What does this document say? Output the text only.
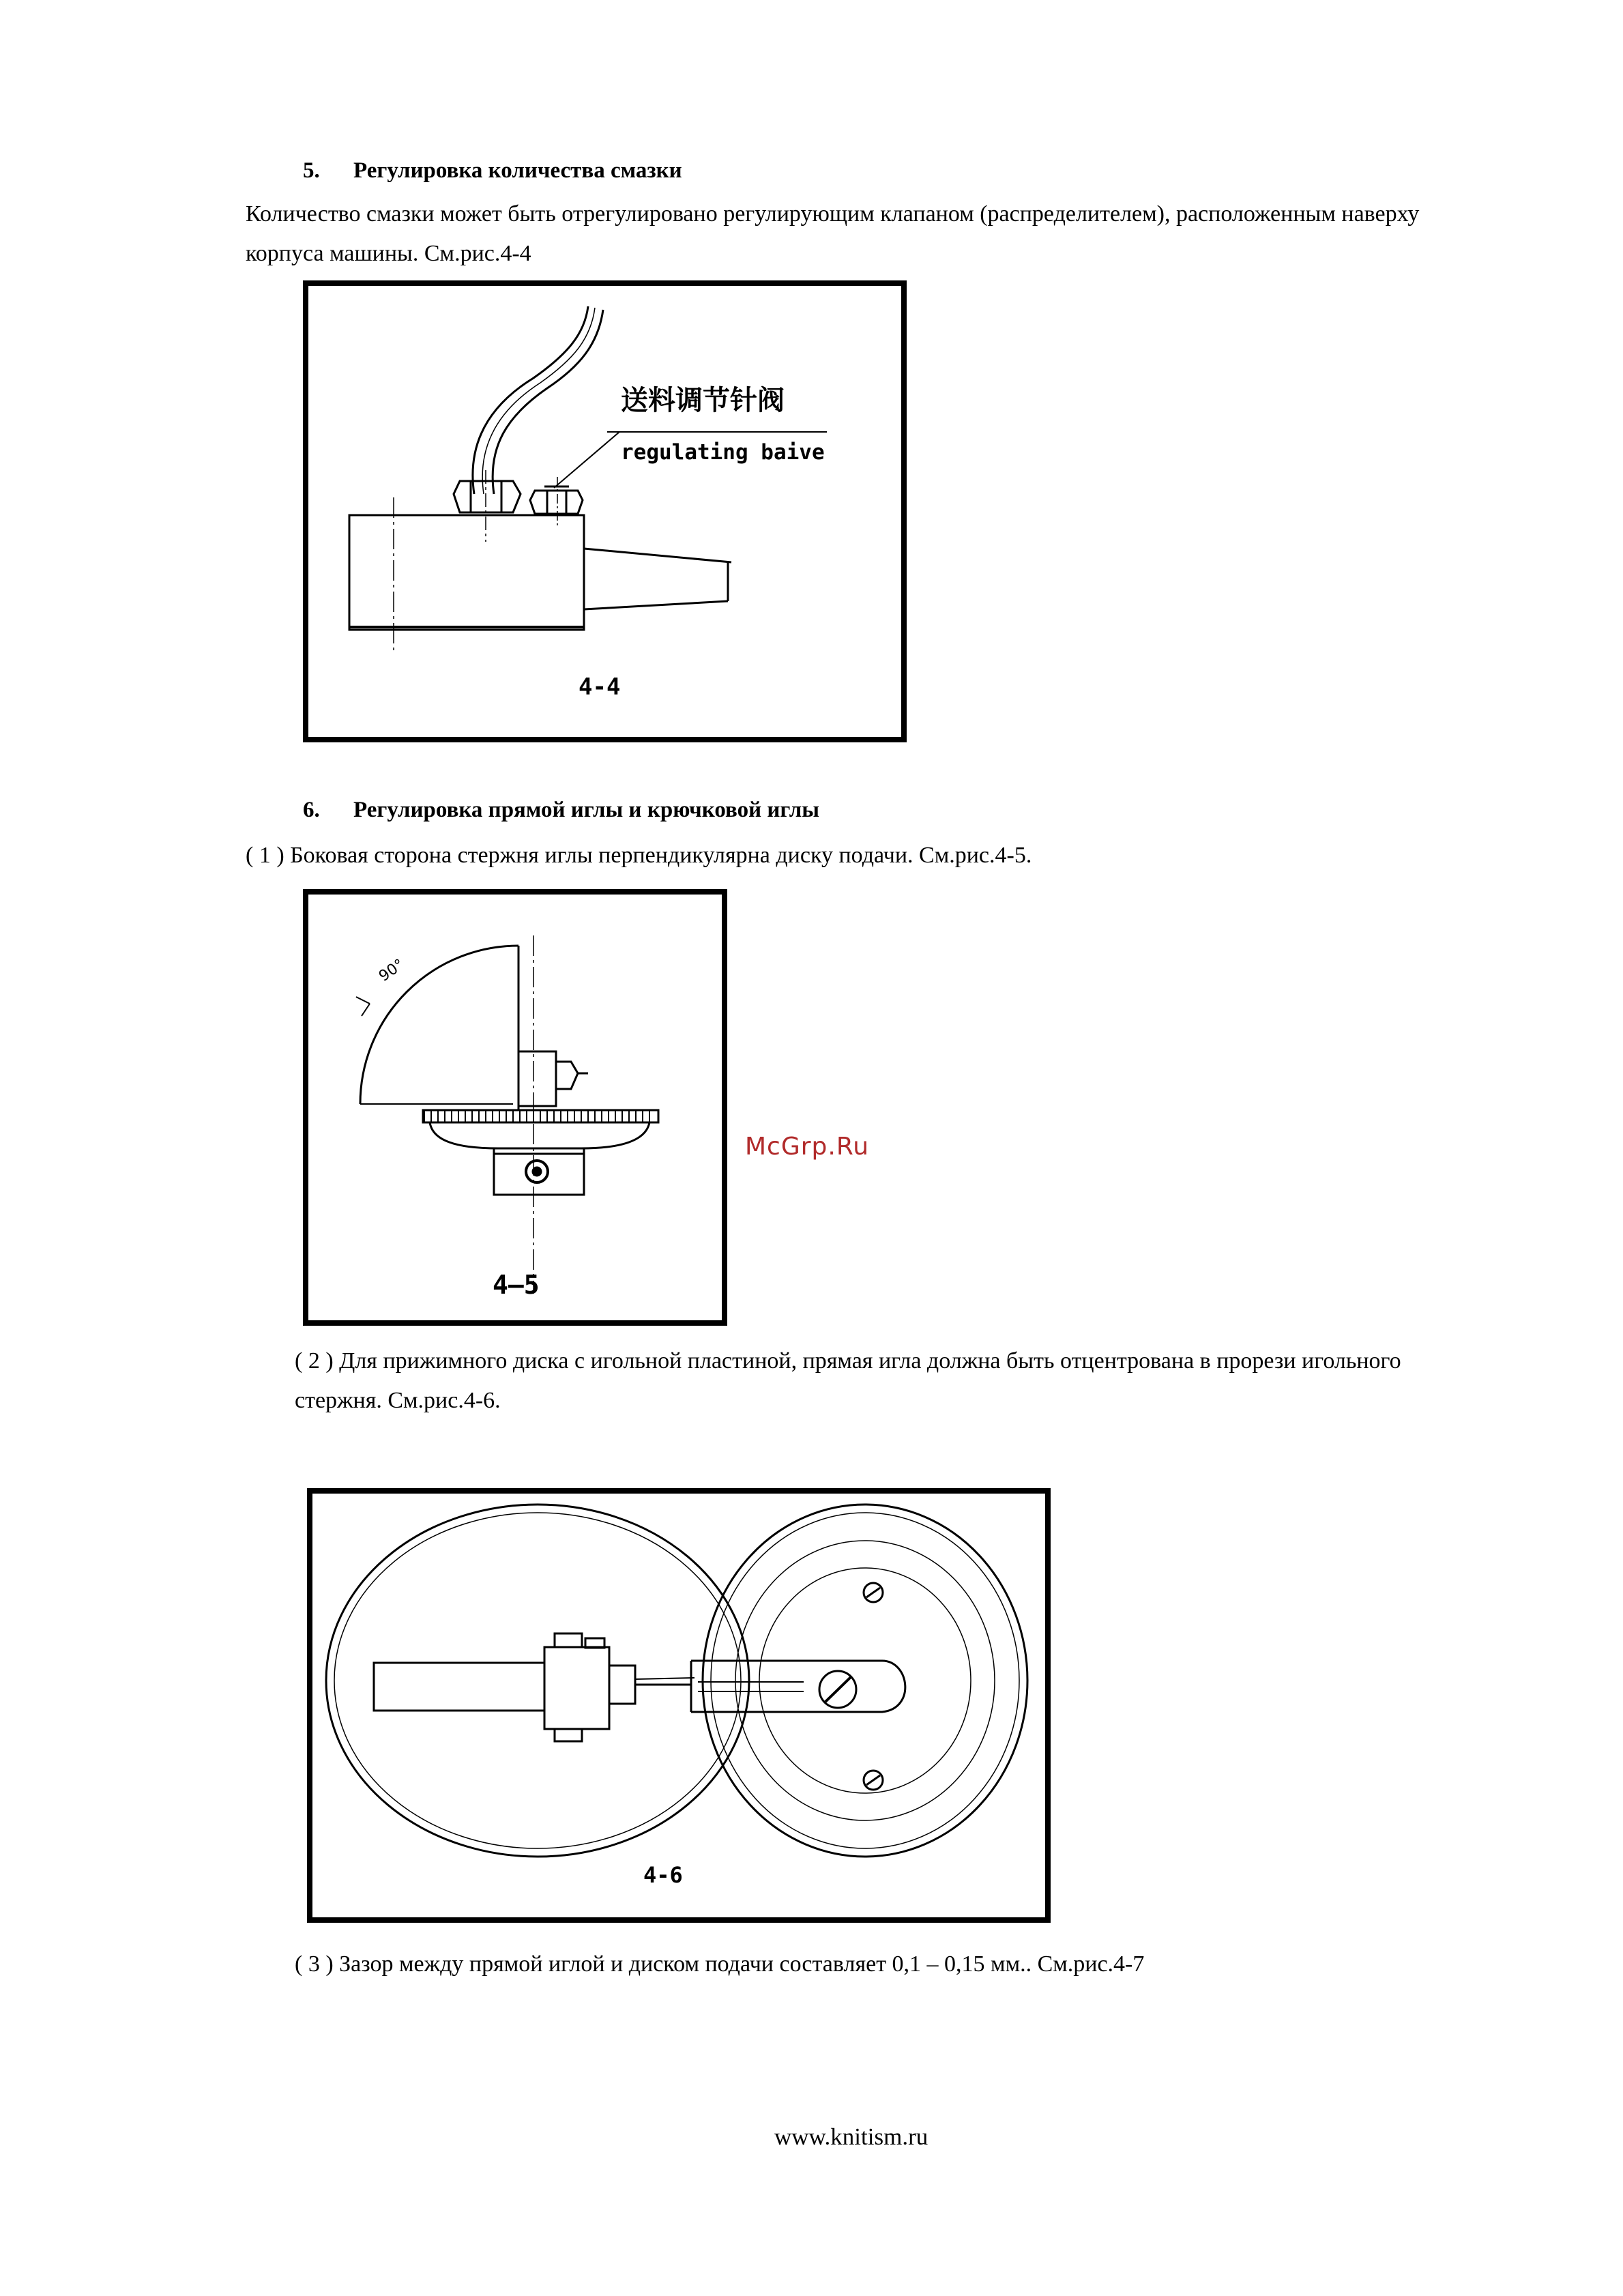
5. Регулировка количества смазки
Количество смазки может быть отрегулировано регулирующим клапаном (распределителем), расположенным наверху
корпуса машины. См.рис.4-4
送料调节针阀
regulating baive
4-4
6. Регулировка прямой иглы и крючковой иглы
( 1 ) Боковая сторона стержня иглы перпендикулярна диску подачи. См.рис.4-5.
90°
4–5
McGrp.Ru
( 2 ) Для прижимного диска с игольной пластиной, прямая игла должна быть отцентрована в прорези игольного
стержня. См.рис.4-6.
4-6
( 3 ) Зазор между прямой иглой и диском подачи составляет 0,1 – 0,15 мм.. См.рис.4-7
www.knitism.ru
